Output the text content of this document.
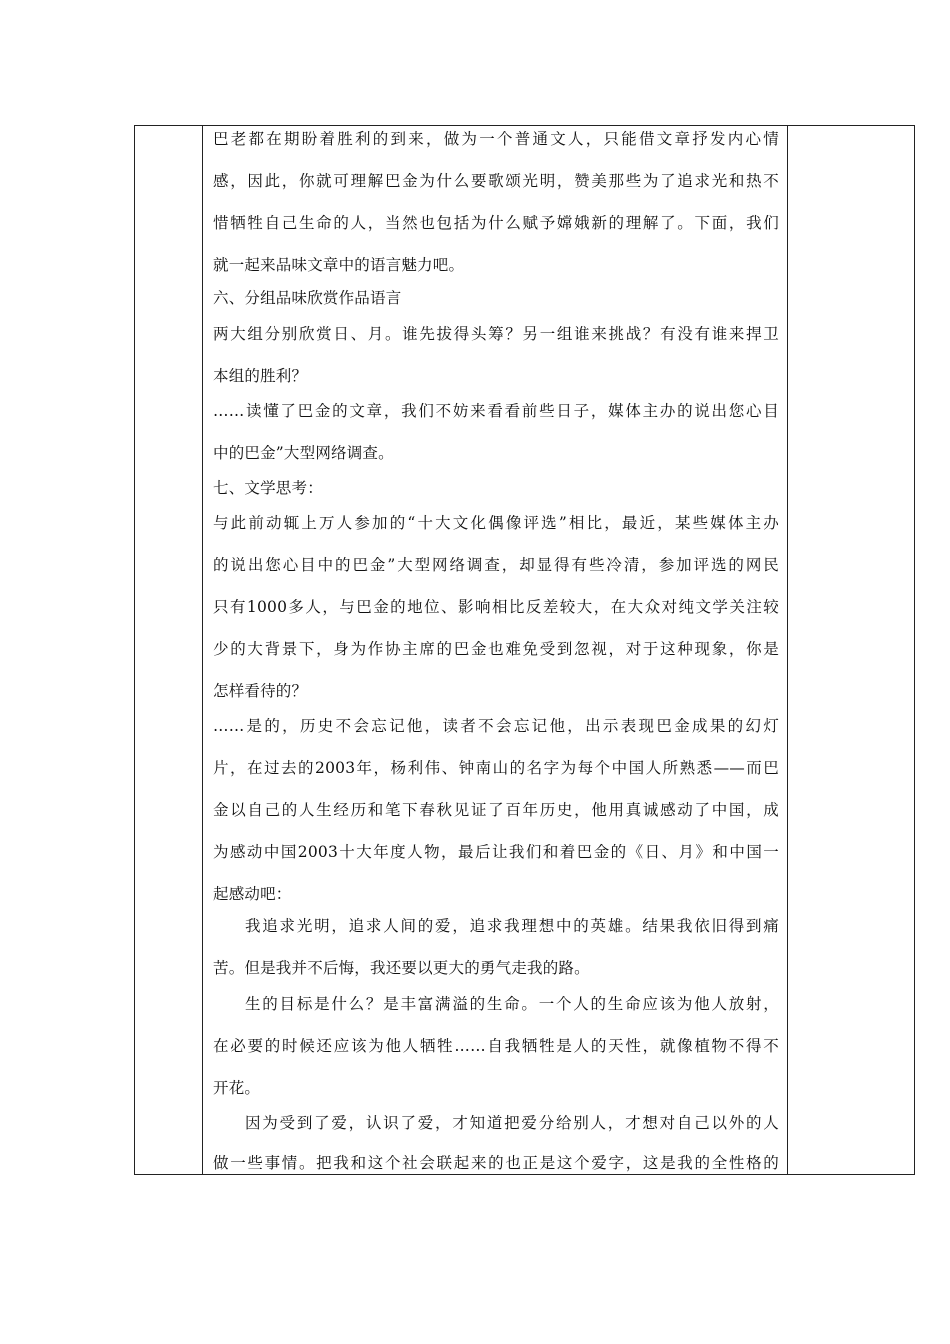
巴老都在期盼着胜利的到来，做为一个普通文人，只能借文章抒发内心情
感，因此，你就可理解巴金为什么要歌颂光明，赞美那些为了追求光和热不
惜牺牲自己生命的人，当然也包括为什么赋予嫦娥新的理解了。下面，我们
就一起来品味文章中的语言魅力吧。
六、分组品味欣赏作品语言
两大组分别欣赏日、月。谁先拔得头筹？另一组谁来挑战？有没有谁来捍卫
本组的胜利？
……读懂了巴金的文章，我们不妨来看看前些日子，媒体主办的说出您心目
中的巴金”大型网络调查。
七、文学思考：
与此前动辄上万人参加的“十大文化偶像评选”相比，最近，某些媒体主办
的说出您心目中的巴金”大型网络调查，却显得有些冷清，参加评选的网民
只有1000多人，与巴金的地位、影响相比反差较大，在大众对纯文学关注较
少的大背景下，身为作协主席的巴金也难免受到忽视，对于这种现象，你是
怎样看待的？
……是的，历史不会忘记他，读者不会忘记他，出示表现巴金成果的幻灯
片，在过去的2003年，杨利伟、钟南山的名字为每个中国人所熟悉——而巴
金以自己的人生经历和笔下春秋见证了百年历史，他用真诚感动了中国，成
为感动中国2003十大年度人物，最后让我们和着巴金的《日、月》和中国一
起感动吧：
我追求光明，追求人间的爱，追求我理想中的英雄。结果我依旧得到痛
苦。但是我并不后悔，我还要以更大的勇气走我的路。
生的目标是什么？是丰富满溢的生命。一个人的生命应该为他人放射，
在必要的时候还应该为他人牺牲……自我牺牲是人的天性，就像植物不得不
开花。
因为受到了爱，认识了爱，才知道把爱分给别人，才想对自己以外的人
做一些事情。把我和这个社会联起来的也正是这个爱字，这是我的全性格的
